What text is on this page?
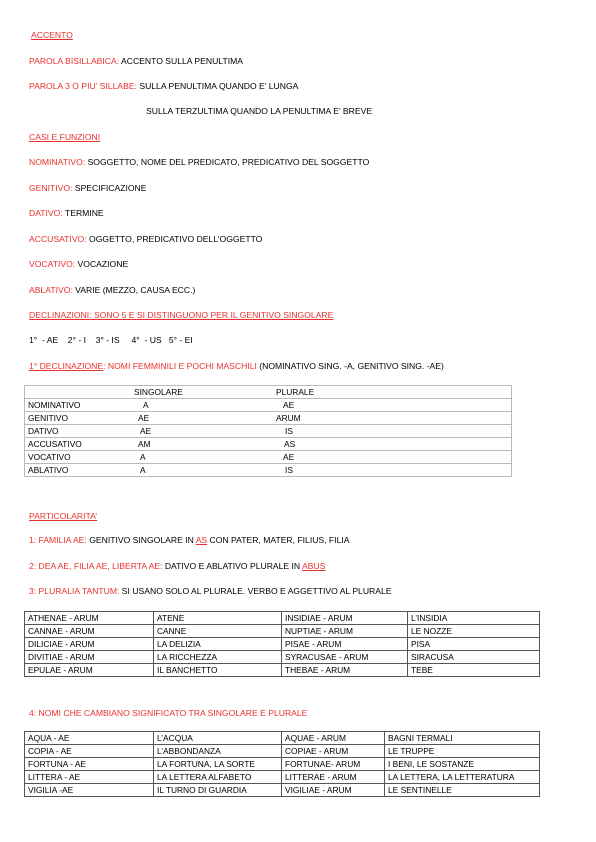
ACCENTO
PAROLA BISILLABICA: ACCENTO SULLA PENULTIMA
PAROLA 3 O PIU’ SILLABE: SULLA PENULTIMA QUANDO E’ LUNGA
SULLA TERZULTIMA QUANDO LA PENULTIMA E’ BREVE
CASI E FUNZIONI
NOMINATIVO: SOGGETTO, NOME DEL PREDICATO, PREDICATIVO DEL SOGGETTO
GENITIVO: SPECIFICAZIONE
DATIVO: TERMINE
ACCUSATIVO: OGGETTO, PREDICATIVO DELL’OGGETTO
VOCATIVO: VOCAZIONE
ABLATIVO: VARIE (MEZZO, CAUSA ECC.)
DECLINAZIONI: SONO 5 E SI DISTINGUONO PER IL GENITIVO SINGOLARE
1°  - AE    2° - I    3° - IS     4°  - US   5° - EI
1° DECLINAZIONE: NOMI FEMMINILI E POCHI MASCHILI (NOMINATIVO SING. -A, GENITIVO SING. -AE)
	SINGOLARE	PLURALE
NOMINATIVO	A	AE
GENITIVO	AE	ARUM
DATIVO	AE	IS
ACCUSATIVO	AM	AS
VOCATIVO	A	AE
ABLATIVO	A	IS
PARTICOLARITA’
1: FAMILIA AE: GENITIVO SINGOLARE IN AS CON PATER, MATER, FILIUS, FILIA
2: DEA AE, FILIA AE, LIBERTA AE: DATIVO E ABLATIVO PLURALE IN ABUS
3: PLURALIA TANTUM: SI USANO SOLO AL PLURALE. VERBO E AGGETTIVO AL PLURALE
ATHENAE - ARUM	ATENE	INSIDIAE - ARUM	L’INSIDIA
CANNAE - ARUM	CANNE	NUPTIAE - ARUM	LE NOZZE
DILICIAE - ARUM	LA DELIZIA	PISAE - ARUM	PISA
DIVITIAE - ARUM	LA RICCHEZZA	SYRACUSAE - ARUM	SIRACUSA
EPULAE - ARUM	IL BANCHETTO	THEBAE - ARUM	TEBE
4: NOMI CHE CAMBIANO SIGNIFICATO TRA SINGOLARE E PLURALE
AQUA - AE	L’ACQUA	AQUAE - ARUM	BAGNI TERMALI
COPIA - AE	L’ABBONDANZA	COPIAE - ARUM	LE TRUPPE
FORTUNA - AE	LA FORTUNA, LA SORTE	FORTUNAE- ARUM	I BENI, LE SOSTANZE
LITTERA - AE	LA LETTERA ALFABETO	LITTERAE - ARUM	LA LETTERA, LA LETTERATURA
VIGILIA -AE	IL TURNO DI GUARDIA	VIGILIAE - ARUM	LE SENTINELLE
